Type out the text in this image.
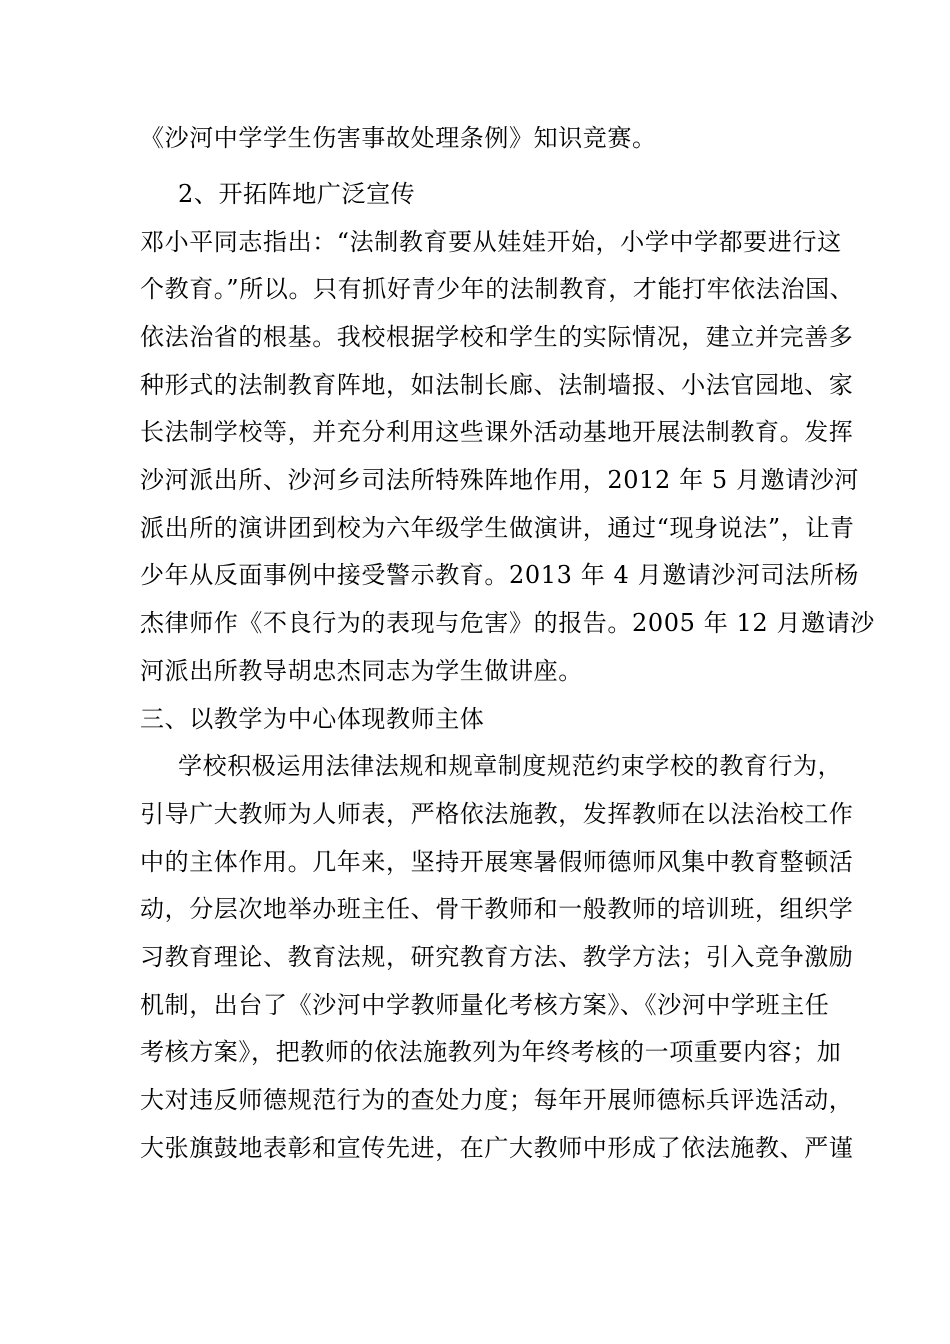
《沙河中学学生伤害事故处理条例》知识竞赛。
2、开拓阵地广泛宣传
邓小平同志指出：“法制教育要从娃娃开始，小学中学都要进行这
个教育。”所以。只有抓好青少年的法制教育，才能打牢依法治国、
依法治省的根基。我校根据学校和学生的实际情况，建立并完善多
种形式的法制教育阵地，如法制长廊、法制墙报、小法官园地、家
长法制学校等，并充分利用这些课外活动基地开展法制教育。发挥
沙河派出所、沙河乡司法所特殊阵地作用，2012 年 5 月邀请沙河
派出所的演讲团到校为六年级学生做演讲，通过“现身说法”，让青
少年从反面事例中接受警示教育。2013 年 4 月邀请沙河司法所杨
杰律师作《不良行为的表现与危害》的报告。2005 年 12 月邀请沙
河派出所教导胡忠杰同志为学生做讲座。
三、以教学为中心体现教师主体
学校积极运用法律法规和规章制度规范约束学校的教育行为，
引导广大教师为人师表，严格依法施教，发挥教师在以法治校工作
中的主体作用。几年来，坚持开展寒暑假师德师风集中教育整顿活
动，分层次地举办班主任、骨干教师和一般教师的培训班，组织学
习教育理论、教育法规，研究教育方法、教学方法；引入竞争激励
机制，出台了《沙河中学教师量化考核方案》、《沙河中学班主任
考核方案》，把教师的依法施教列为年终考核的一项重要内容；加
大对违反师德规范行为的查处力度；每年开展师德标兵评选活动，
大张旗鼓地表彰和宣传先进，在广大教师中形成了依法施教、严谨
